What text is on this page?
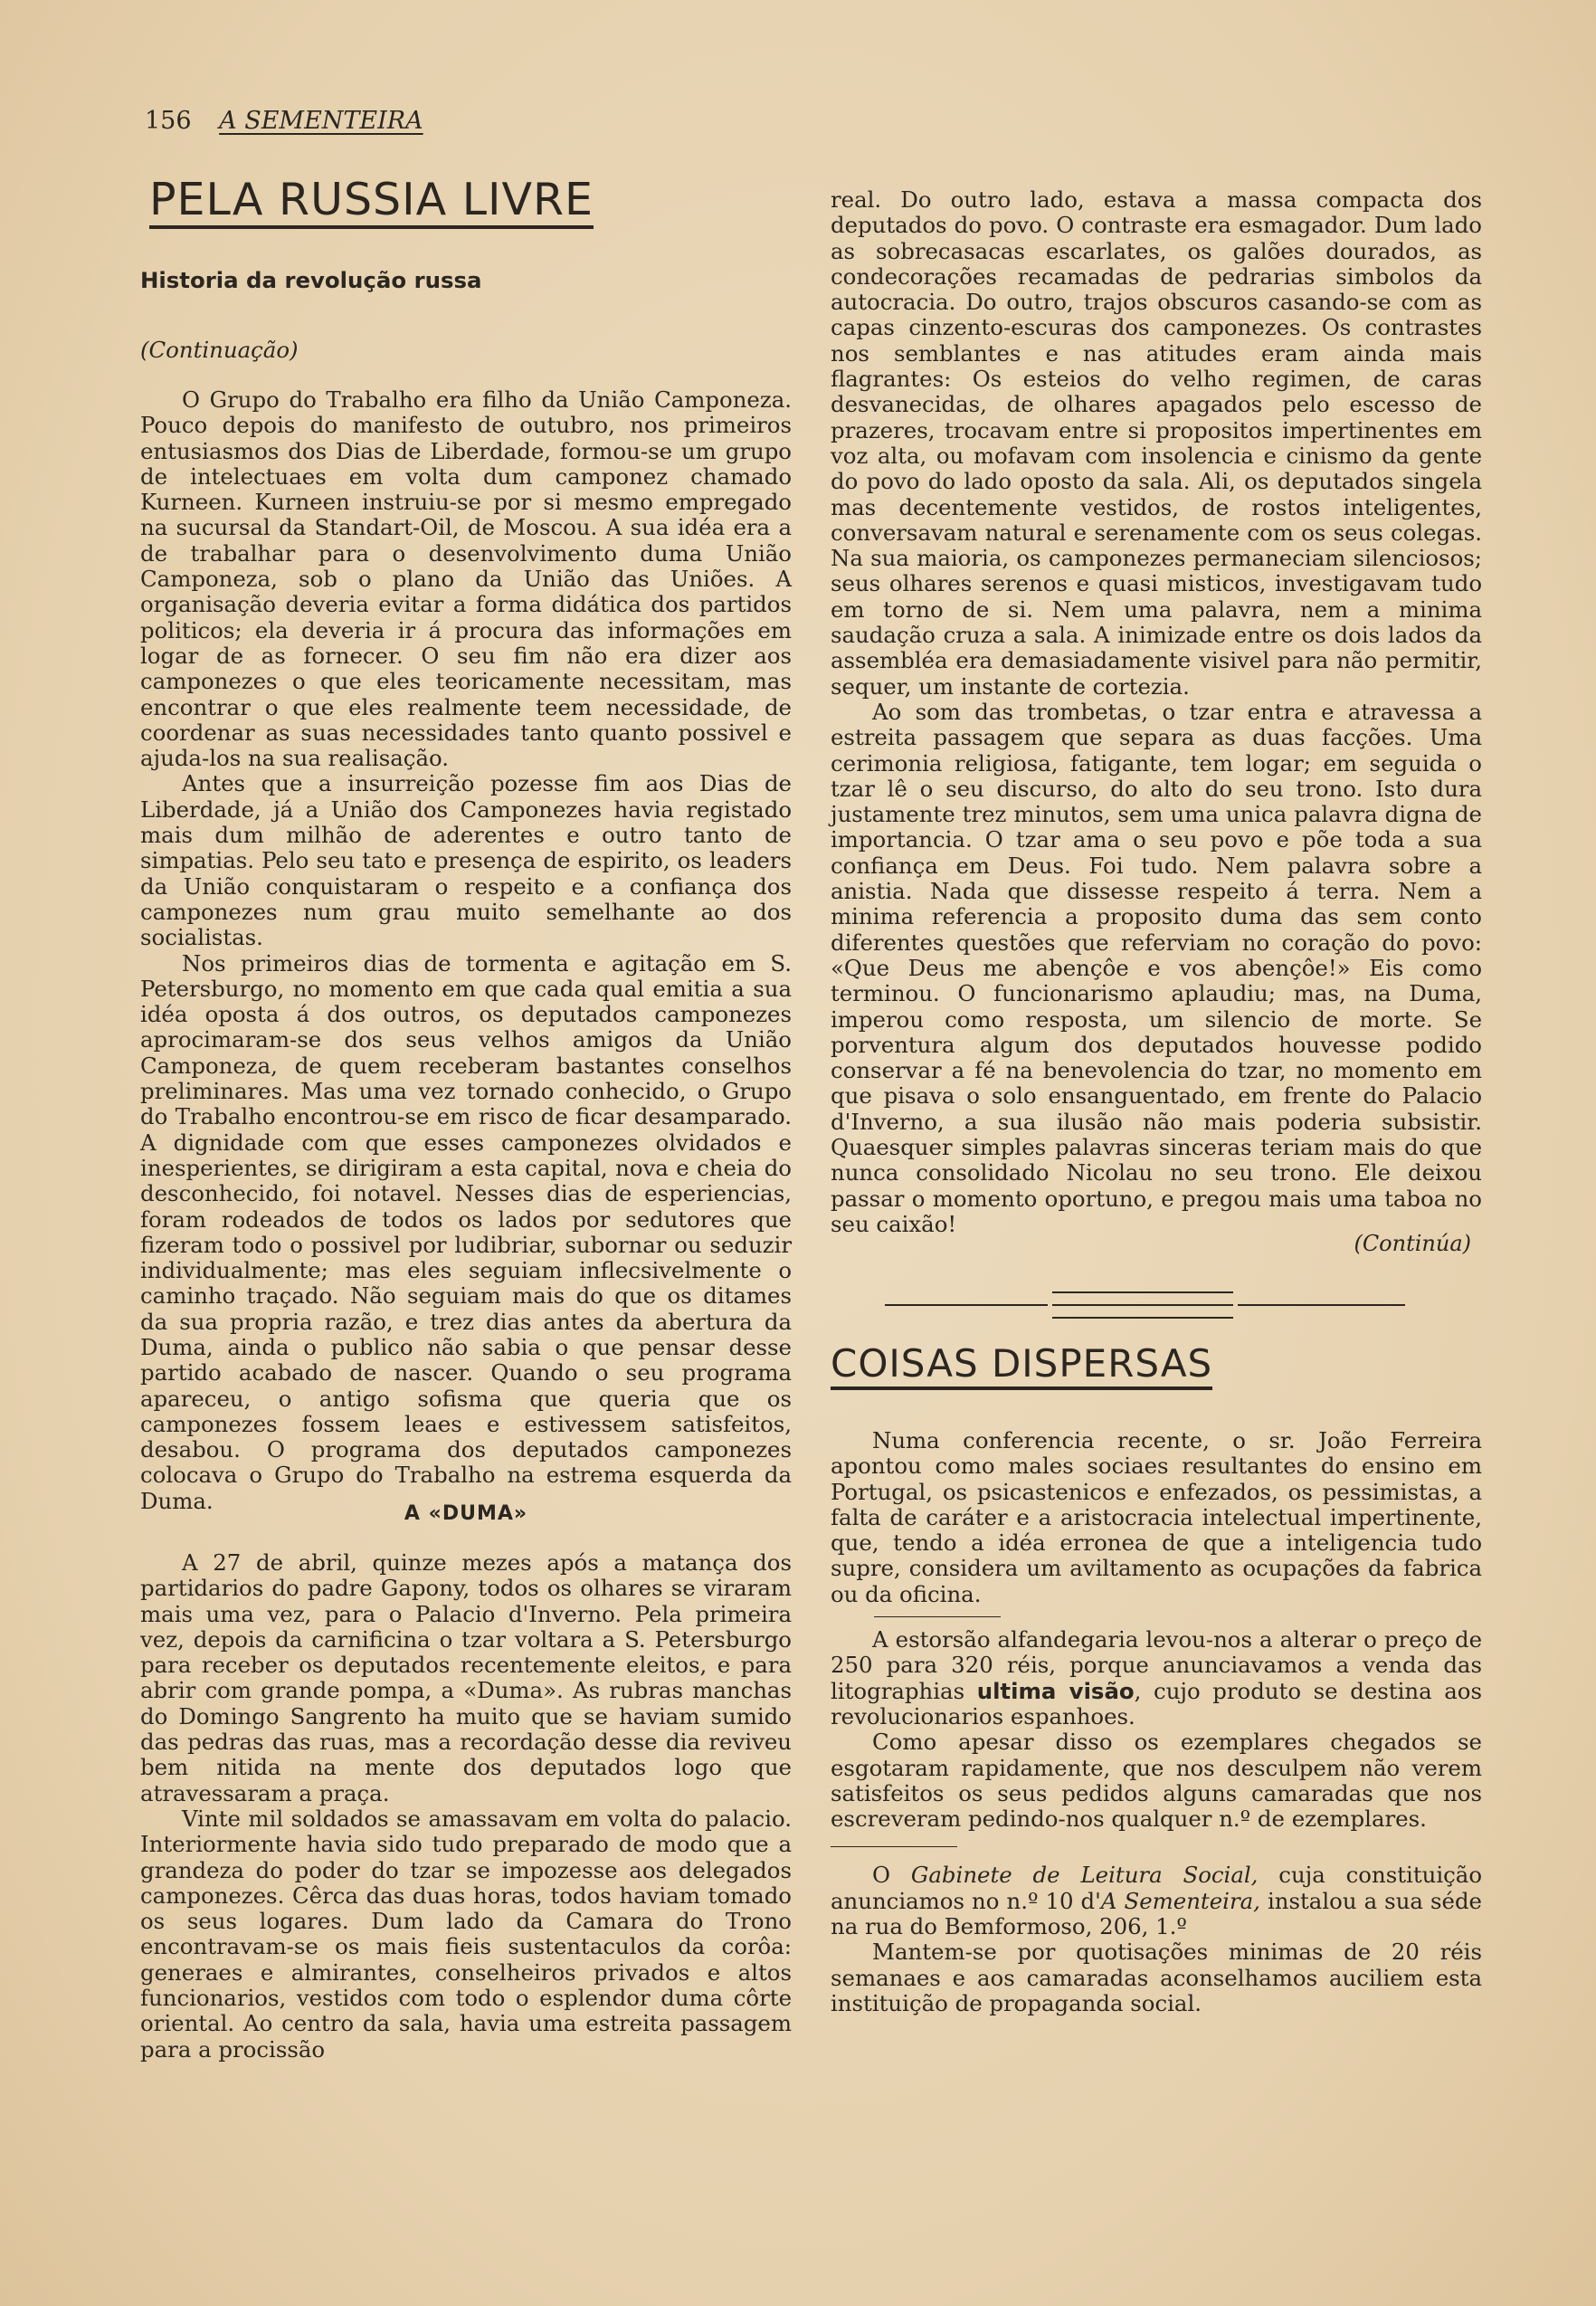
156 A SEMENTEIRA
PELA RUSSIA LIVRE

Historia da revolução russa

(Continuação)

O Grupo do Trabalho era filho da União Camponeza. Pouco depois do manifesto de outubro, nos primeiros entusiasmos dos Dias de Liberdade, formou-se um grupo de intelectuaes em volta dum camponez chamado Kurneen. Kurneen instruiu-se por si mesmo empregado na sucursal da Standart-Oil, de Moscou. A sua idéa era a de trabalhar para o desenvolvimento duma União Camponeza, sob o plano da União das Uniões. A organisação deveria evitar a forma didática dos partidos politicos; ela deveria ir á procura das informações em logar de as fornecer. O seu fim não era dizer aos camponezes o que eles teoricamente necessitam, mas encontrar o que eles realmente teem necessidade, de coordenar as suas necessidades tanto quanto possivel e ajuda-los na sua realisação.

Antes que a insurreição pozesse fim aos Dias de Liberdade, já a União dos Camponezes havia registado mais dum milhão de aderentes e outro tanto de simpatias. Pelo seu tato e presença de espirito, os leaders da União conquistaram o respeito e a confiança dos camponezes num grau muito semelhante ao dos socialistas.

Nos primeiros dias de tormenta e agitação em S. Petersburgo, no momento em que cada qual emitia a sua idéa oposta á dos outros, os deputados camponezes aprocimaram-se dos seus velhos amigos da União Camponeza, de quem receberam bastantes conselhos preliminares. Mas uma vez tornado conhecido, o Grupo do Trabalho encontrou-se em risco de ficar desamparado. A dignidade com que esses camponezes olvidados e inesperientes, se dirigiram a esta capital, nova e cheia do desconhecido, foi notavel. Nesses dias de esperiencias, foram rodeados de todos os lados por sedutores que fizeram todo o possivel por ludibriar, subornar ou seduzir individualmente; mas eles seguiam inflecsivelmente o caminho traçado. Não seguiam mais do que os ditames da sua propria razão, e trez dias antes da abertura da Duma, ainda o publico não sabia o que pensar desse partido acabado de nascer. Quando o seu programa apareceu, o antigo sofisma que queria que os camponezes fossem leaes e estivessem satisfeitos, desabou. O programa dos deputados camponezes colocava o Grupo do Trabalho na estrema esquerda da Duma.	A «DUMA»

A 27 de abril, quinze mezes após a matança dos partidarios do padre Gapony, todos os olhares se viraram mais uma vez, para o Palacio d'Inverno. Pela primeira vez, depois da carnificina o tzar voltara a S. Petersburgo para receber os deputados recentemente eleitos, e para abrir com grande pompa, a «Duma». As rubras manchas do Domingo Sangrento ha muito que se haviam sumido das pedras das ruas, mas a recordação desse dia reviveu bem nitida na mente dos deputados logo que atravessaram a praça.

Vinte mil soldados se amassavam em volta do palacio. Interiormente havia sido tudo preparado de modo que a grandeza do poder do tzar se impozesse aos delegados camponezes. Cêrca das duas horas, todos haviam tomado os seus logares. Dum lado da Camara do Trono encontravam-se os mais fieis sustentaculos da corôa: generaes e almirantes, conselheiros privados e altos funcionarios, vestidos com todo o esplendor duma côrte oriental. Ao centro da sala, havia uma estreita passagem para a procissão

real. Do outro lado, estava a massa compacta dos deputados do povo. O contraste era esmagador. Dum lado as sobrecasacas escarlates, os galões dourados, as condecorações recamadas de pedrarias simbolos da autocracia. Do outro, trajos obscuros casando-se com as capas cinzento-escuras dos camponezes. Os contrastes nos semblantes e nas atitudes eram ainda mais flagrantes: Os esteios do velho regimen, de caras desvanecidas, de olhares apagados pelo escesso de prazeres, trocavam entre si propositos impertinentes em voz alta, ou mofavam com insolencia e cinismo da gente do povo do lado oposto da sala. Ali, os deputados singela mas decentemente vestidos, de rostos inteligentes, conversavam natural e serenamente com os seus colegas. Na sua maioria, os camponezes permaneciam silenciosos; seus olhares serenos e quasi misticos, investigavam tudo em torno de si. Nem uma palavra, nem a minima saudação cruza a sala. A inimizade entre os dois lados da assembléa era demasiadamente visivel para não permitir, sequer, um instante de cortezia.

Ao som das trombetas, o tzar entra e atravessa a estreita passagem que separa as duas facções. Uma cerimonia religiosa, fatigante, tem logar; em seguida o tzar lê o seu discurso, do alto do seu trono. Isto dura justamente trez minutos, sem uma unica palavra digna de importancia. O tzar ama o seu povo e põe toda a sua confiança em Deus. Foi tudo. Nem palavra sobre a anistia. Nada que dissesse respeito á terra. Nem a minima referencia a proposito duma das sem conto diferentes questões que referviam no coração do povo: «Que Deus me abençôe e vos abençôe!» Eis como terminou. O funcionarismo aplaudiu; mas, na Duma, imperou como resposta, um silencio de morte. Se porventura algum dos deputados houvesse podido conservar a fé na benevolencia do tzar, no momento em que pisava o solo ensanguentado, em frente do Palacio d'Inverno, a sua ilusão não mais poderia subsistir. Quaesquer simples palavras sinceras teriam mais do que nunca consolidado Nicolau no seu trono. Ele deixou passar o momento oportuno, e pregou mais uma taboa no seu caixão!

(Continúa)
COISAS DISPERSAS

Numa conferencia recente, o sr. João Ferreira apontou como males sociaes resultantes do ensino em Portugal, os psicastenicos e enfezados, os pessimistas, a falta de caráter e a aristocracia intelectual impertinente, que, tendo a idéa erronea de que a inteligencia tudo supre, considera um aviltamento as ocupações da fabrica ou da oficina.

A estorsão alfandegaria levou-nos a alterar o preço de 250 para 320 réis, porque anunciavamos a venda das litographias ultima visão, cujo produto se destina aos revolucionarios espanhoes.

Como apesar disso os ezemplares chegados se esgotaram rapidamente, que nos desculpem não verem satisfeitos os seus pedidos alguns camaradas que nos escreveram pedindo-nos qualquer n.º de ezemplares.

O Gabinete de Leitura Social, cuja constituição anunciamos no n.º 10 d'A Sementeira, instalou a sua séde na rua do Bemformoso, 206, 1.º

Mantem-se por quotisações minimas de 20 réis semanaes e aos camaradas aconselhamos auciliem esta instituição de propaganda social.
